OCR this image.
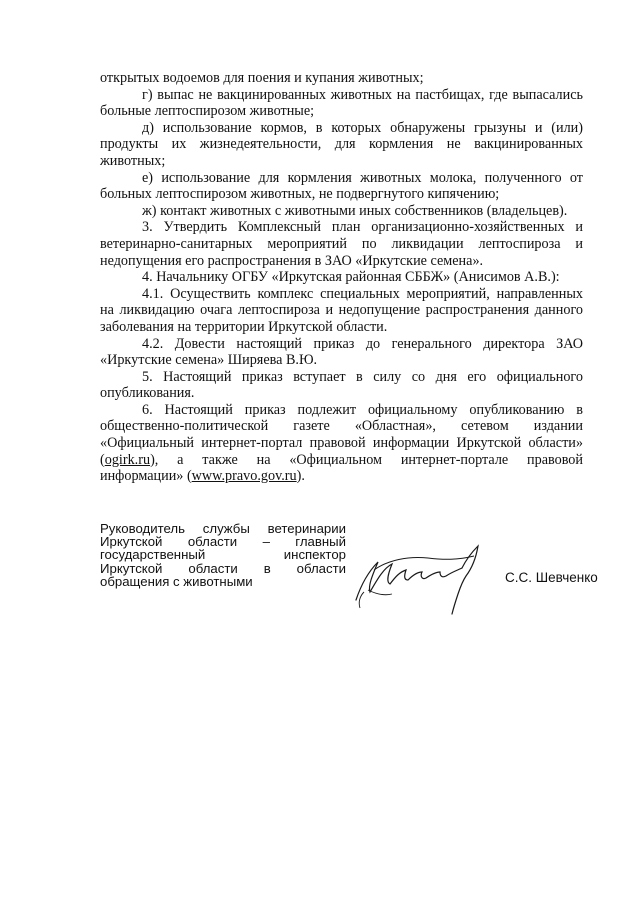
открытых водоемов для поения и купания животных;

г) выпас не вакцинированных животных на пастбищах, где выпасались
больные лептоспирозом животные;

д) использование кормов, в которых обнаружены грызуны и (или)
продукты их жизнедеятельности, для кормления не вакцинированных
животных;

е) использование для кормления животных молока, полученного от
больных лептоспирозом животных, не подвергнутого кипячению;

ж) контакт животных с животными иных собственников (владельцев).

3. Утвердить Комплексный план организационно-хозяйственных и
ветеринарно-санитарных мероприятий по ликвидации лептоспироза и
недопущения его распространения в ЗАО «Иркутские семена».

4. Начальнику ОГБУ «Иркутская районная СББЖ» (Анисимов А.В.):

4.1. Осуществить комплекс специальных мероприятий, направленных
на ликвидацию очага лептоспироза и недопущение распространения данного
заболевания на территории Иркутской области.

4.2. Довести настоящий приказ до генерального директора ЗАО
«Иркутские семена» Ширяева В.Ю.

5. Настоящий приказ вступает в силу со дня его официального
опубликования.

6. Настоящий приказ подлежит официальному опубликованию в
общественно-политической газете «Областная», сетевом издании
«Официальный интернет-портал правовой информации Иркутской области»
(ogirk.ru), а также на «Официальном интернет-портале правовой
информации» (www.pravo.gov.ru).

Руководитель службы ветеринарии
Иркутской области – главный
государственный инспектор
Иркутской области в области
обращения с животными	С.С. Шевченко
